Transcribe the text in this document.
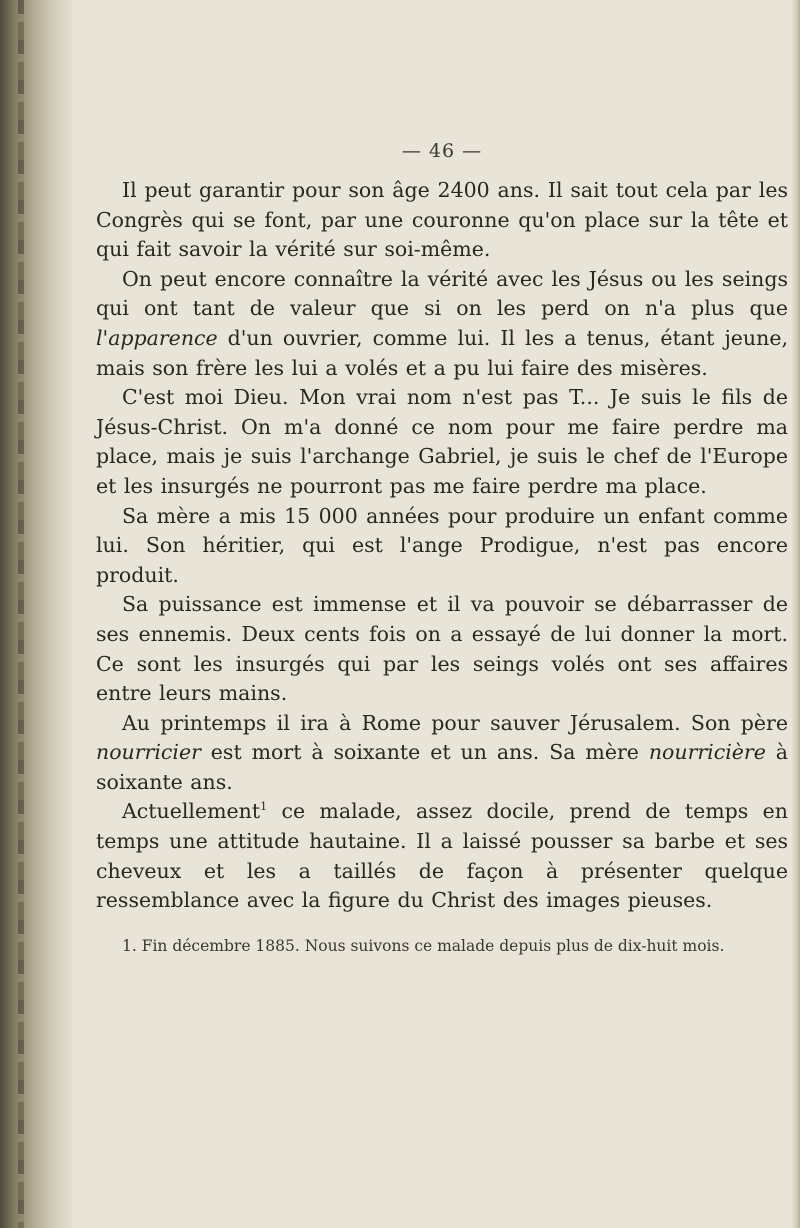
— 46 —

Il peut garantir pour son âge 2400 ans. Il sait tout cela par les Congrès qui se font, par une couronne qu'on place sur la tête et qui fait savoir la vérité sur soi-même.

On peut encore connaître la vérité avec les Jésus ou les seings qui ont tant de valeur que si on les perd on n'a plus que l'apparence d'un ouvrier, comme lui. Il les a tenus, étant jeune, mais son frère les lui a volés et a pu lui faire des misères.

C'est moi Dieu. Mon vrai nom n'est pas T... Je suis le fils de Jésus-Christ. On m'a donné ce nom pour me faire perdre ma place, mais je suis l'archange Gabriel, je suis le chef de l'Europe et les insurgés ne pourront pas me faire perdre ma place.

Sa mère a mis 15 000 années pour produire un enfant comme lui. Son héritier, qui est l'ange Prodigue, n'est pas encore produit.

Sa puissance est immense et il va pouvoir se débarrasser de ses ennemis. Deux cents fois on a essayé de lui donner la mort. Ce sont les insurgés qui par les seings volés ont ses affaires entre leurs mains.

Au printemps il ira à Rome pour sauver Jérusalem. Son père nourricier est mort à soixante et un ans. Sa mère nourricière à soixante ans.

Actuellement$^1$ ce malade, assez docile, prend de temps en temps une attitude hautaine. Il a laissé pousser sa barbe et ses cheveux et les a taillés de façon à présenter quelque ressemblance avec la figure du Christ des images pieuses.

1. Fin décembre 1885. Nous suivons ce malade depuis plus de dix-huit mois.
